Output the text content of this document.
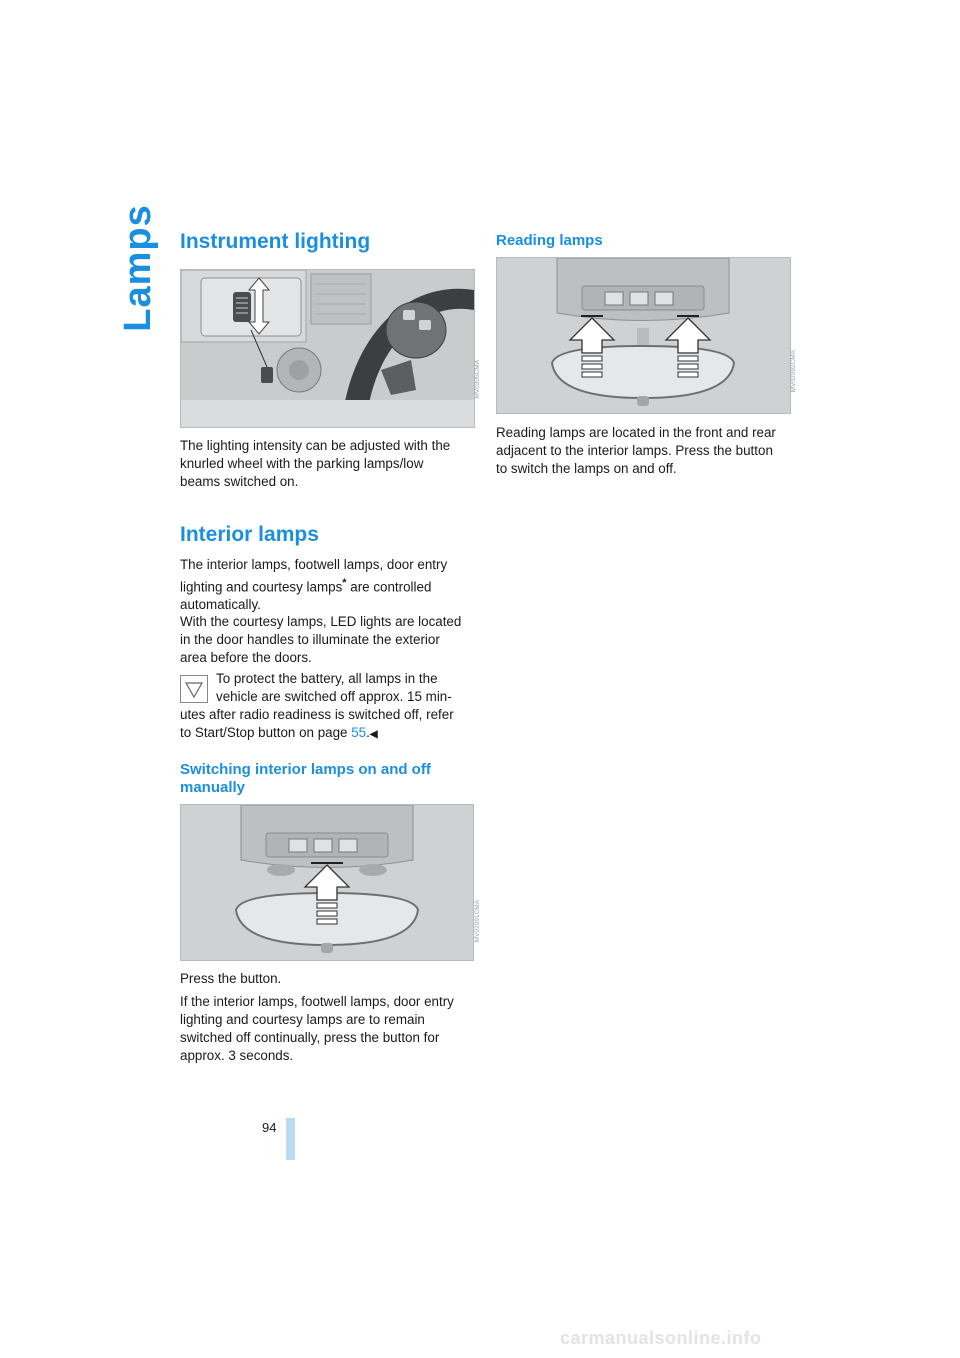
Lamps Instrument lighting
MV0305CMA

The lighting intensity can be adjusted with the
knurled wheel with the parking lamps/low
beams switched on.

Interior lamps

The interior lamps, footwell lamps, door entry
lighting and courtesy lamps* are controlled
automatically.

With the courtesy lamps, LED lights are located
in the door handles to illuminate the exterior
area before the doors.

To protect the battery, all lamps in the
vehicle are switched off approx. 15 min-
utes after radio readiness is switched off, refer
to Start/Stop button on page 55.◀

Switching interior lamps on and off
manually
MV02091CMA

Press the button.

If the interior lamps, footwell lamps, door entry
lighting and courtesy lamps are to remain
switched off continually, press the button for
approx. 3 seconds.

Reading lamps
MV02092CMA

Reading lamps are located in the front and rear
adjacent to the interior lamps. Press the button
to switch the lamps on and off.

94
carmanualsonline.info
